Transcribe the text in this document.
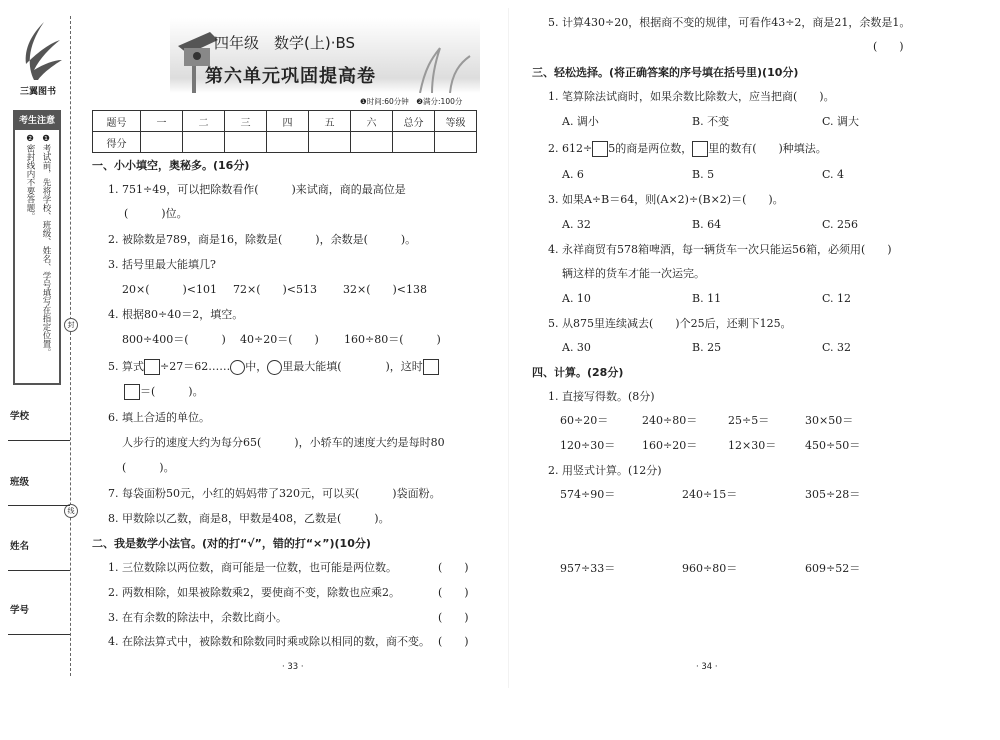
三翼图书
考生注意
❶考试前，先将学校、班级、姓名、学号填写在指定位置。
❷密封线内不要答题。
封
线
学校
班级
姓名
学号
四年级　数学(上)·BS
第六单元巩固提高卷
❶时间:60分钟　❷满分:100分
题号	一	二	三	四	五	六	总分	等级
得分								
一、小小填空，奥秘多。(16分)
1. 751÷49，可以把除数看作(　　　)来试商，商的最高位是
(　　　)位。
2. 被除数是789，商是16，除数是(　　　)，余数是(　　　)。
3. 括号里最大能填几?
20×(　　　)<101 72×(　　)<513 32×(　　)<138
4. 根据80÷40＝2，填空。
800÷400＝(　　　) 40÷20＝(　　) 160÷80＝(　　　)
5. 算式 ÷27＝62…… 中， 里最大能填(　　　　)，这时
＝(　　　)。
6. 填上合适的单位。
人步行的速度大约为每分65(　　　)，小轿车的速度大约是每时80
(　　　)。
7. 每袋面粉50元，小红的妈妈带了320元，可以买(　　　)袋面粉。
8. 甲数除以乙数，商是8，甲数是408，乙数是(　　　)。
二、我是数学小法官。(对的打“√”，错的打“×”)(10分)
1. 三位数除以两位数，商可能是一位数，也可能是两位数。	(　　)
2. 两数相除，如果被除数乘2，要使商不变，除数也应乘2。	(　　)
3. 在有余数的除法中，余数比商小。	(　　)
4. 在除法算式中，被除数和除数同时乘或除以相同的数，商不变。 (　　)
· 33 ·
5. 计算430÷20，根据商不变的规律，可看作43÷2，商是21，余数是1。
(　　)
三、轻松选择。(将正确答案的序号填在括号里)(10分)
1. 笔算除法试商时，如果余数比除数大，应当把商(　　)。
A. 调小	B. 不变	C. 调大
2. 612÷ 5的商是两位数， 里的数有(　　)种填法。
A. 6	B. 5	C. 4
3. 如果A÷B＝64，则(A×2)÷(B×2)＝(　　)。
A. 32	B. 64	C. 256
4. 永祥商贸有578箱啤酒，每一辆货车一次只能运56箱，必须用(　　)
辆这样的货车才能一次运完。
A. 10	B. 11	C. 12
5. 从875里连续减去(　　)个25后，还剩下125。
A. 30	B. 25	C. 32
四、计算。(28分)
1. 直接写得数。(8分)
60÷20＝	240÷80＝	25÷5＝	30×50＝
120÷30＝ 160÷20＝	12×30＝	450÷50＝
2. 用竖式计算。(12分)
574÷90＝	240÷15＝	305÷28＝
957÷33＝	960÷80＝	609÷52＝
· 34 ·
